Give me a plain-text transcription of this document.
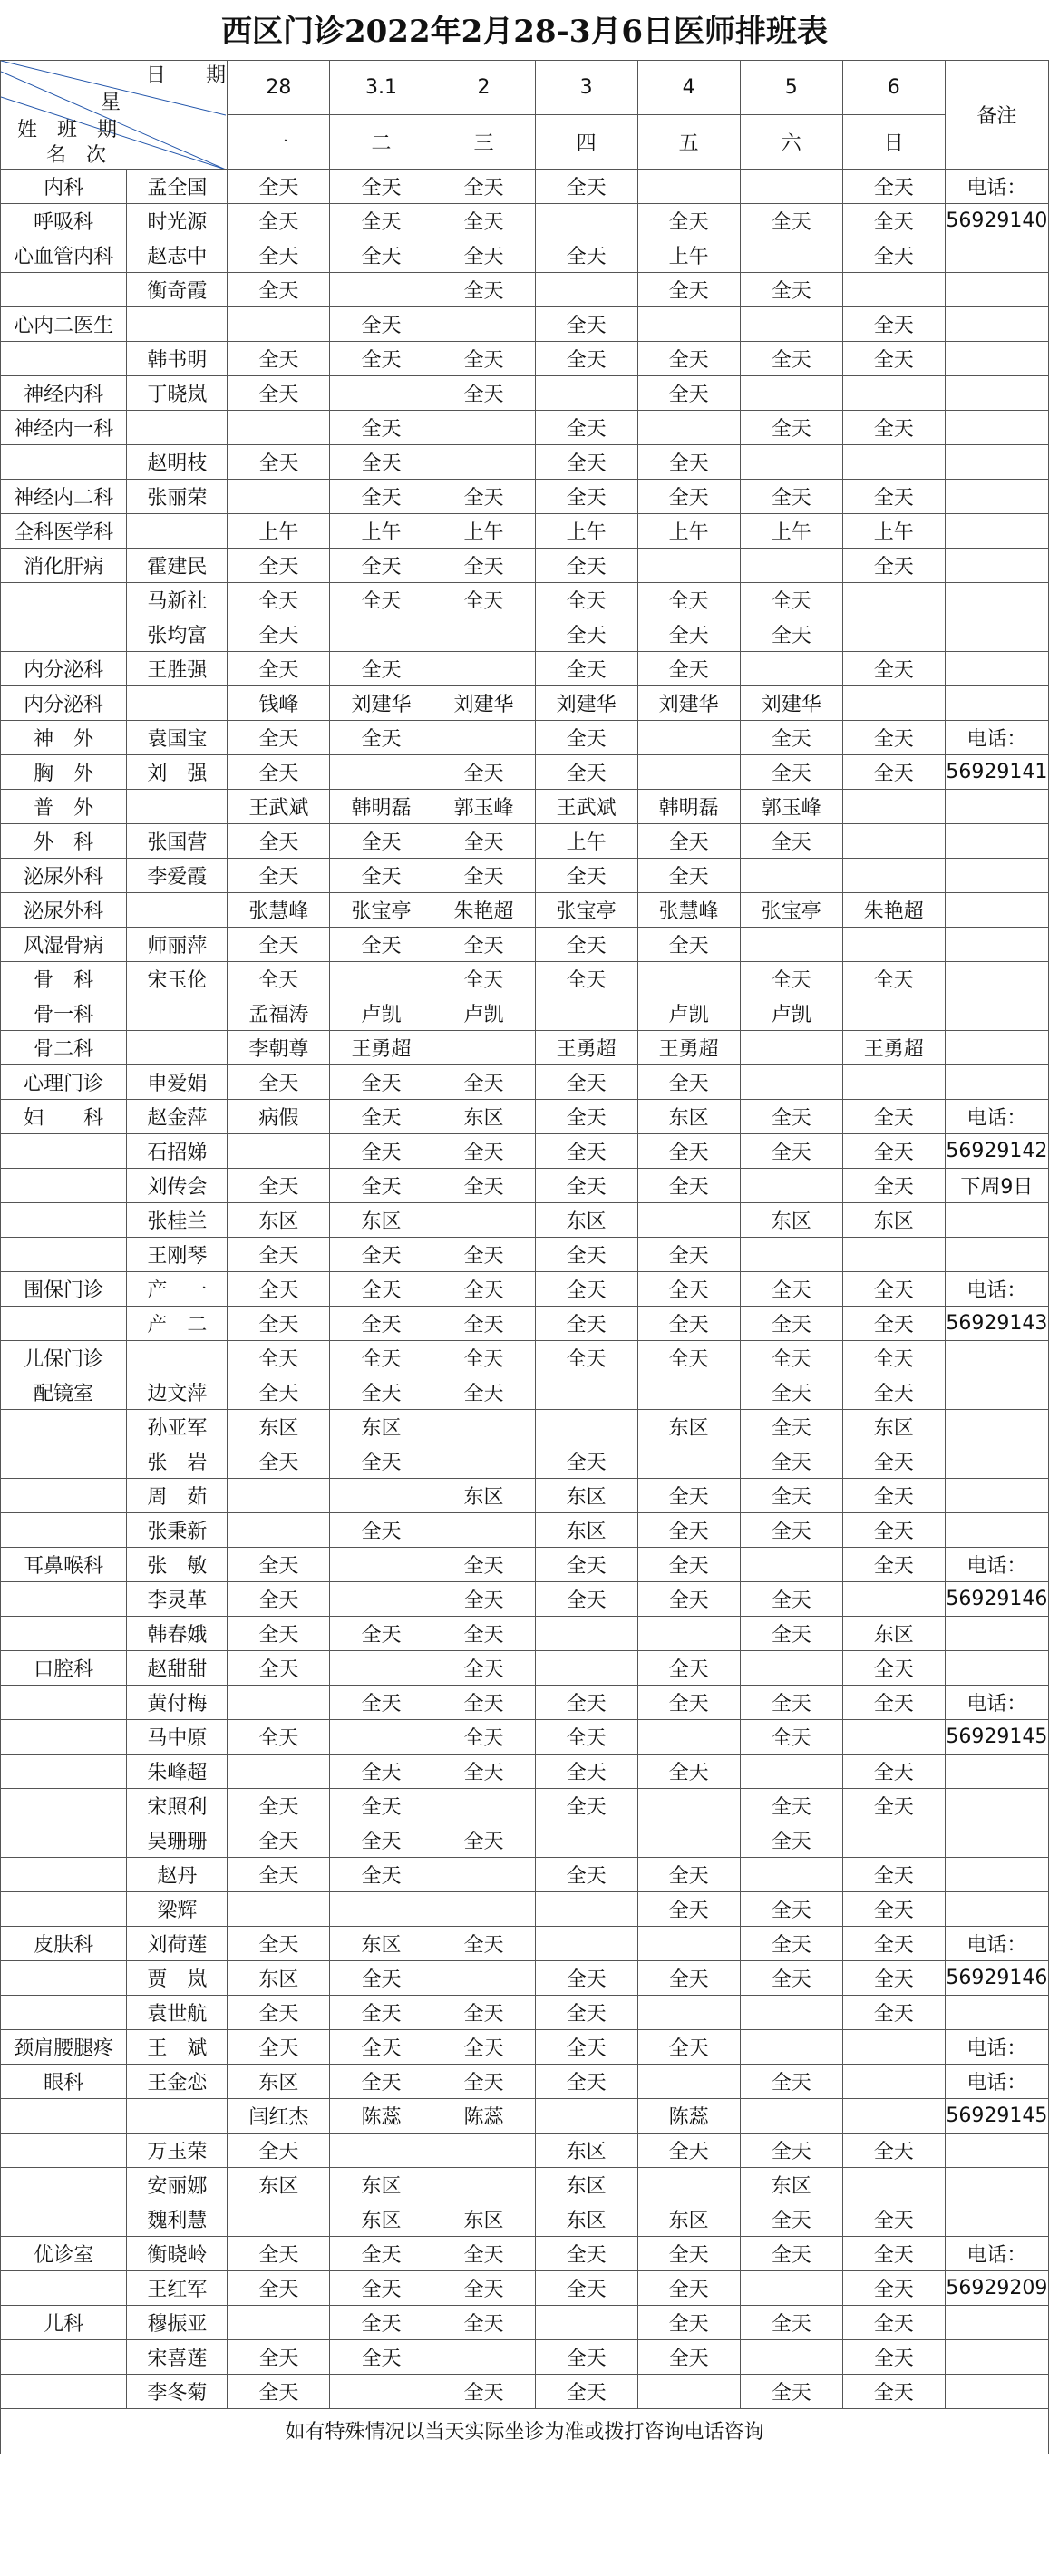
西区门诊2022年2月28-3月6日医师排班表
日　　期
星
姓　班　期
名　次		28	3.1	2	3	4	5	6	备注
		一	二	三	四	五	六	日	
内科	孟全国	全天	全天	全天	全天			全天	电话：
呼吸科	时光源	全天	全天	全天		全天	全天	全天	56929140
心血管内科	赵志中	全天	全天	全天	全天	上午		全天	
	衡奇霞	全天		全天		全天	全天		
心内二医生			全天		全天			全天	
	韩书明	全天	全天	全天	全天	全天	全天	全天	
神经内科	丁晓岚	全天		全天		全天			
神经内一科			全天		全天		全天	全天	
	赵明枝	全天	全天		全天	全天			
神经内二科	张丽荣		全天	全天	全天	全天	全天	全天	
全科医学科		上午	上午	上午	上午	上午	上午	上午	
消化肝病	霍建民	全天	全天	全天	全天			全天	
	马新社	全天	全天	全天	全天	全天	全天		
	张均富	全天			全天	全天	全天		
内分泌科	王胜强	全天	全天		全天	全天		全天	
内分泌科		钱峰	刘建华	刘建华	刘建华	刘建华	刘建华		
神　外	袁国宝	全天	全天		全天		全天	全天	电话：
胸　外	刘　强	全天		全天	全天		全天	全天	56929141
普　外		王武斌	韩明磊	郭玉峰	王武斌	韩明磊	郭玉峰		
外　科	张国营	全天	全天	全天	上午	全天	全天		
泌尿外科	李爱霞	全天	全天	全天	全天	全天			
泌尿外科		张慧峰	张宝亭	朱艳超	张宝亭	张慧峰	张宝亭	朱艳超	
风湿骨病	师丽萍	全天	全天	全天	全天	全天			
骨　科	宋玉伦	全天		全天	全天		全天	全天	
骨一科		孟福涛	卢凯	卢凯		卢凯	卢凯		
骨二科		李朝尊	王勇超		王勇超	王勇超		王勇超	
心理门诊	申爱娟	全天	全天	全天	全天	全天			
妇　　科	赵金萍	病假	全天	东区	全天	东区	全天	全天	电话：
	石招娣		全天	全天	全天	全天	全天	全天	56929142
	刘传会	全天	全天	全天	全天	全天		全天	下周9日
	张桂兰	东区	东区		东区		东区	东区	
	王刚琴	全天	全天	全天	全天	全天			
围保门诊	产　一	全天	全天	全天	全天	全天	全天	全天	电话：
	产　二	全天	全天	全天	全天	全天	全天	全天	56929143
儿保门诊		全天	全天	全天	全天	全天	全天	全天	
配镜室	边文萍	全天	全天	全天			全天	全天	
	孙亚军	东区	东区			东区	全天	东区	
	张　岩	全天	全天		全天		全天	全天	
	周　茹			东区	东区	全天	全天	全天	
	张秉新		全天		东区	全天	全天	全天	
耳鼻喉科	张　敏	全天		全天	全天	全天		全天	电话：
	李灵革	全天		全天	全天	全天	全天		56929146
	韩春娥	全天	全天	全天			全天	东区	
口腔科	赵甜甜	全天		全天		全天		全天	
	黄付梅		全天	全天	全天	全天	全天	全天	电话：
	马中原	全天		全天	全天		全天		56929145
	朱峰超		全天	全天	全天	全天		全天	
	宋照利	全天	全天		全天		全天	全天	
	吴珊珊	全天	全天	全天			全天		
	赵丹	全天	全天		全天	全天		全天	
	梁辉					全天	全天	全天	
皮肤科	刘荷莲	全天	东区	全天			全天	全天	电话：
	贾　岚	东区	全天		全天	全天	全天	全天	56929146
	袁世航	全天	全天	全天	全天			全天	
颈肩腰腿疼	王　斌	全天	全天	全天	全天	全天			电话：
眼科	王金恋	东区	全天	全天	全天		全天		电话：
		闫红杰	陈蕊	陈蕊		陈蕊			56929145
	万玉荣	全天			东区	全天	全天	全天	
	安丽娜	东区	东区		东区		东区		
	魏利慧		东区	东区	东区	东区	全天	全天	
优诊室	衡晓岭	全天	全天	全天	全天	全天	全天	全天	电话：
	王红军	全天	全天	全天	全天	全天		全天	56929209
儿科	穆振亚		全天	全天		全天	全天	全天	
	宋喜莲	全天	全天		全天	全天		全天	
	李冬菊	全天		全天	全天		全天	全天	
如有特殊情况以当天实际坐诊为准或拨打咨询电话咨询
